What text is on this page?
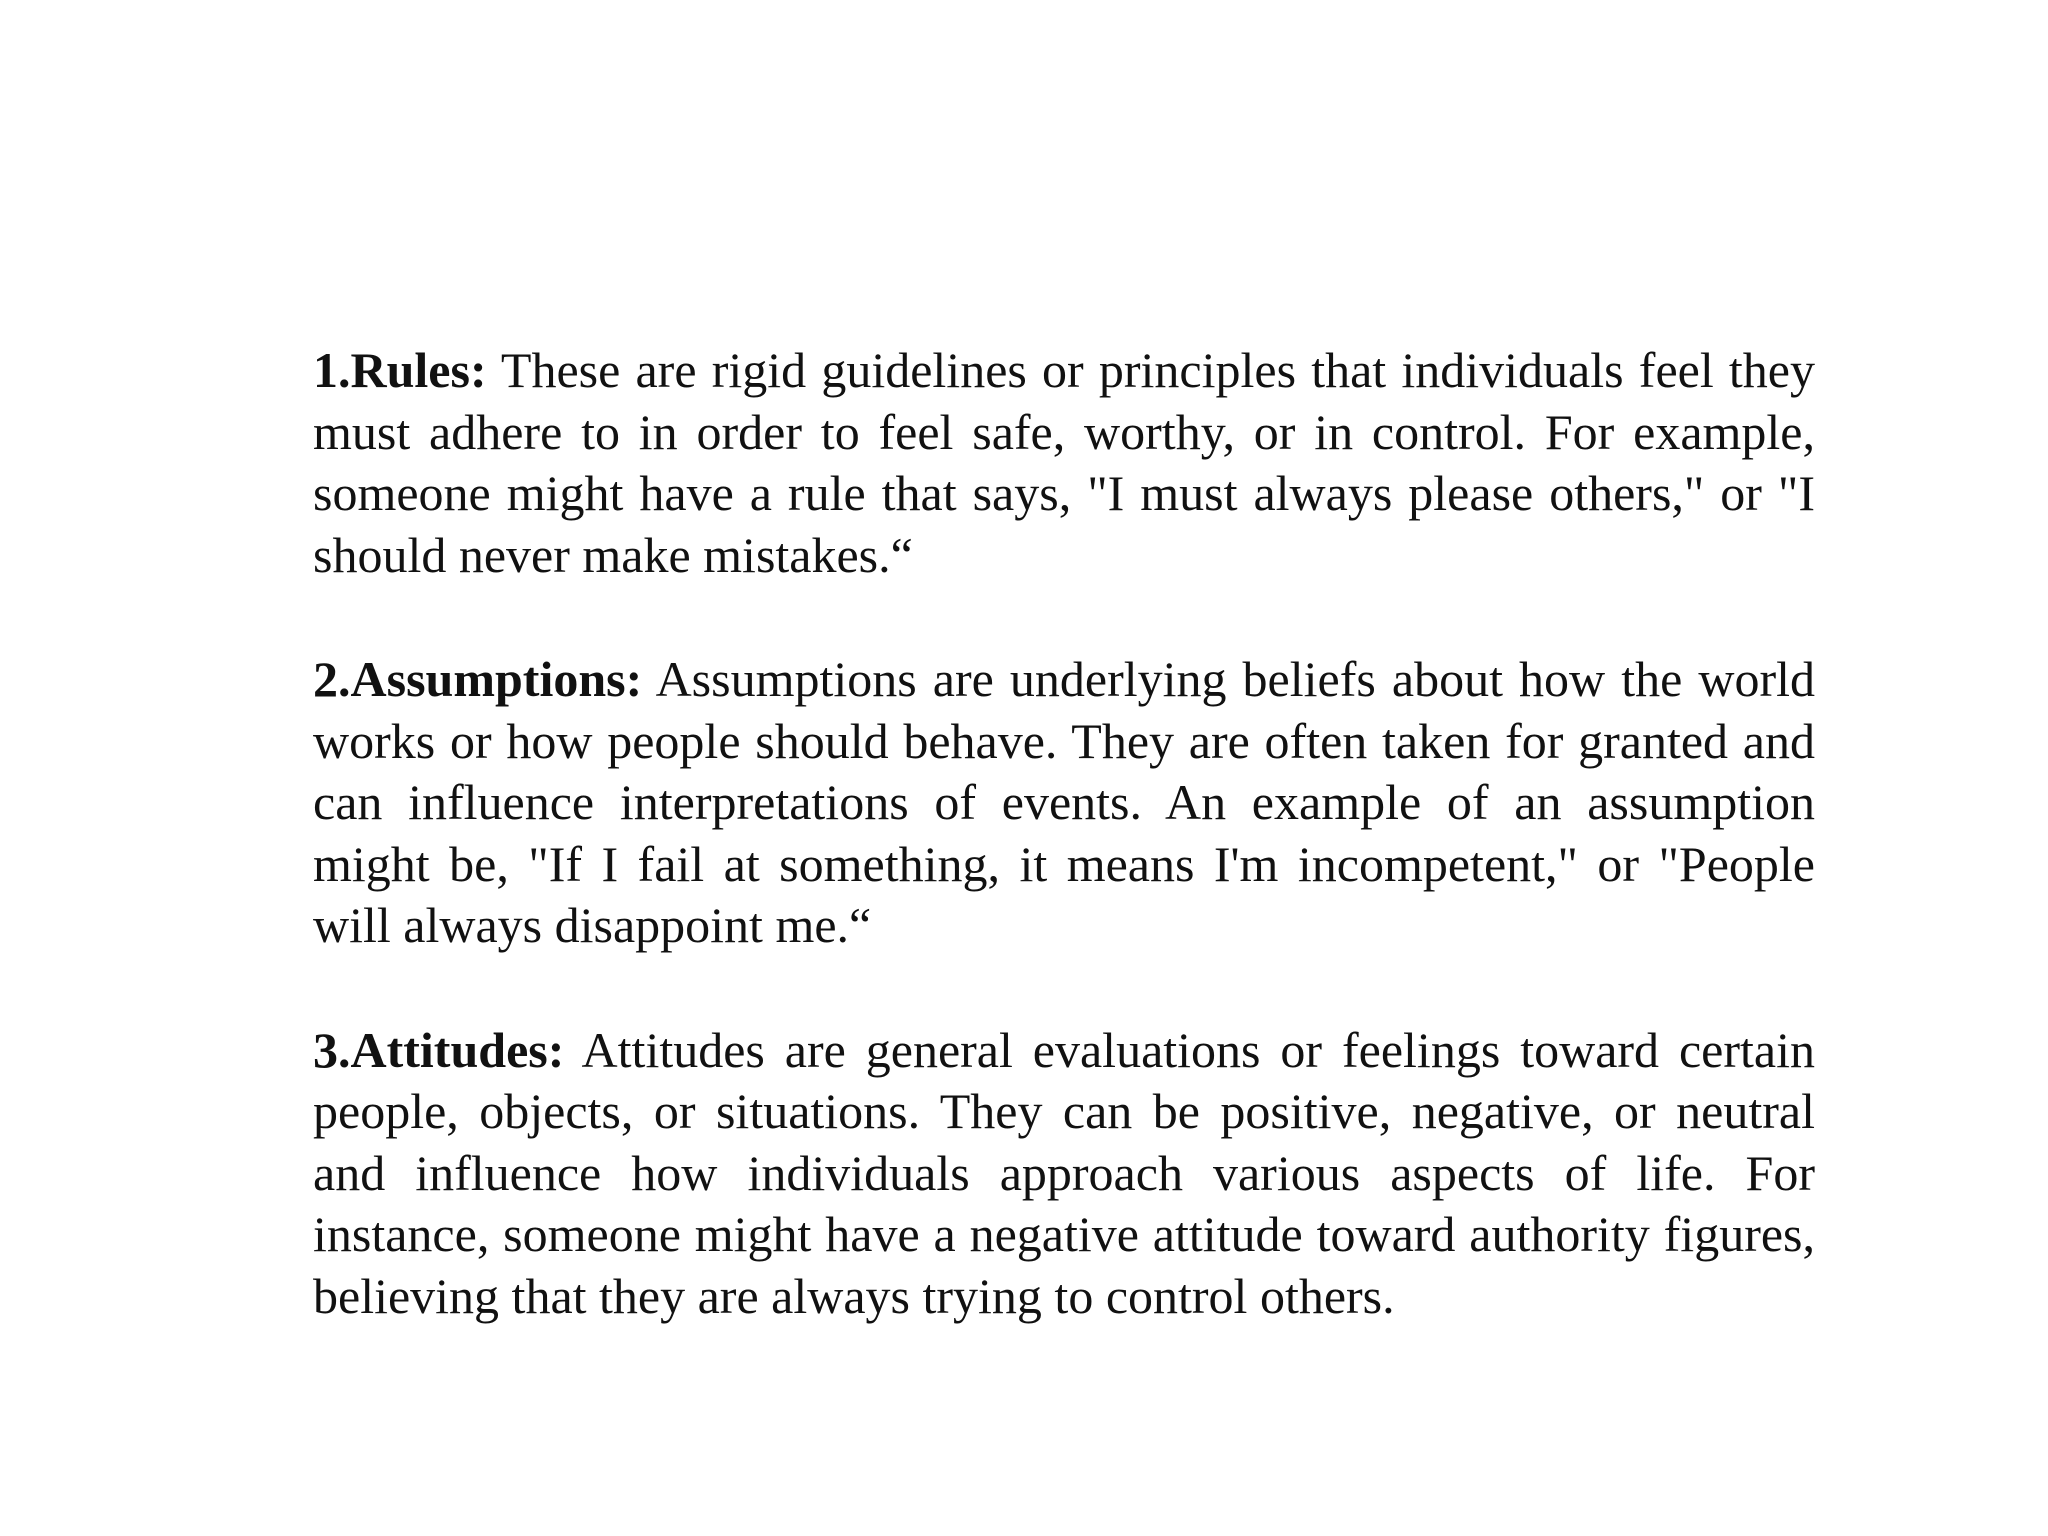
1.Rules: These are rigid guidelines or principles that individuals feel they must adhere to in order to feel safe, worthy, or in control. For example, someone might have a rule that says, "I must always please others," or "I should never make mistakes.“

2.Assumptions: Assumptions are underlying beliefs about how the world works or how people should behave. They are often taken for granted and can influence interpretations of events. An example of an assumption might be, "If I fail at something, it means I'm incompetent," or "People will always disappoint me.“

3.Attitudes: Attitudes are general evaluations or feelings toward certain people, objects, or situations. They can be positive, negative, or neutral and influence how individuals approach various aspects of life. For instance, someone might have a negative attitude toward authority figures, believing that they are always trying to control others.
